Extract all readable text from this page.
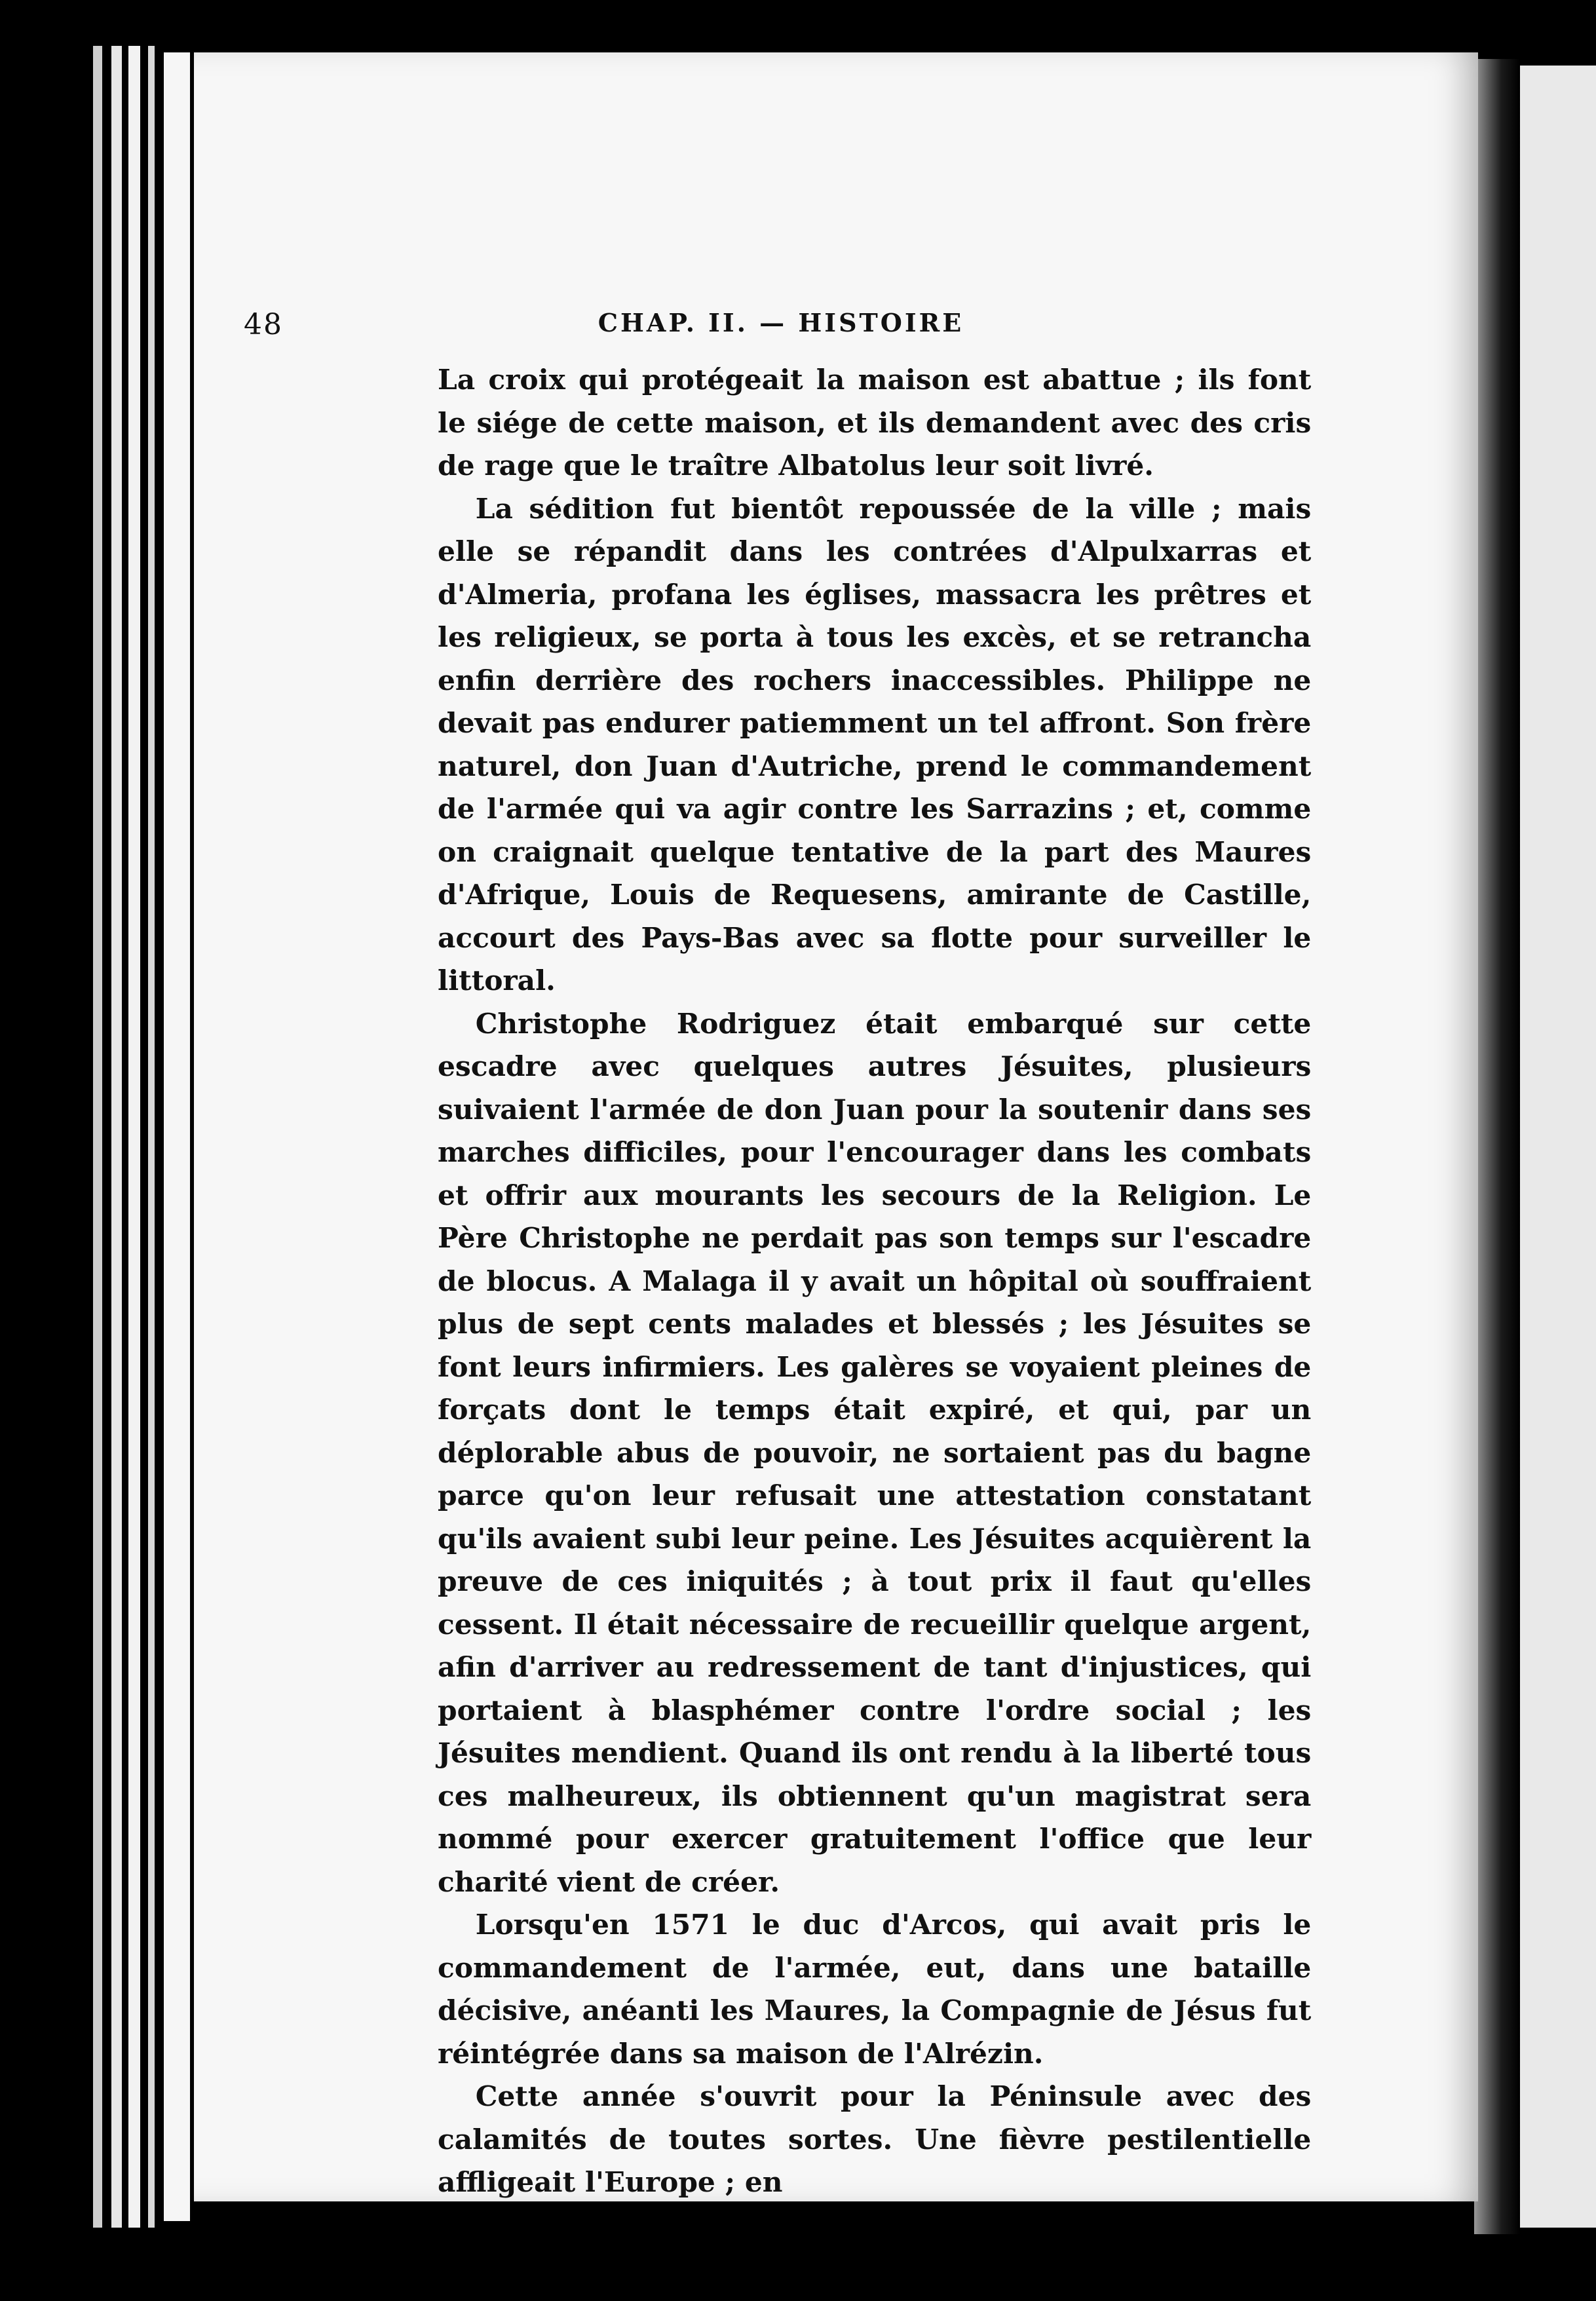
48	CHAP. II. — HISTOIRE

La croix qui protégeait la maison est abattue ; ils font le siége de cette maison, et ils demandent avec des cris de rage que le traître Albatolus leur soit livré.

La sédition fut bientôt repoussée de la ville ; mais elle se répandit dans les contrées d'Alpulxarras et d'Almeria, profana les églises, massacra les prêtres et les religieux, se porta à tous les excès, et se retrancha enfin derrière des rochers inaccessibles. Philippe ne devait pas endurer patiemment un tel affront. Son frère naturel, don Juan d'Autriche, prend le commandement de l'armée qui va agir contre les Sarrazins ; et, comme on craignait quelque tentative de la part des Maures d'Afrique, Louis de Requesens, amirante de Castille, accourt des Pays-Bas avec sa flotte pour surveiller le littoral.

Christophe Rodriguez était embarqué sur cette escadre avec quelques autres Jésuites, plusieurs suivaient l'armée de don Juan pour la soutenir dans ses marches difficiles, pour l'encourager dans les combats et offrir aux mourants les secours de la Religion. Le Père Christophe ne perdait pas son temps sur l'escadre de blocus. A Malaga il y avait un hôpital où souffraient plus de sept cents malades et blessés ; les Jésuites se font leurs infirmiers. Les galères se voyaient pleines de forçats dont le temps était expiré, et qui, par un déplorable abus de pouvoir, ne sortaient pas du bagne parce qu'on leur refusait une attestation constatant qu'ils avaient subi leur peine. Les Jésuites acquièrent la preuve de ces iniquités ; à tout prix il faut qu'elles cessent. Il était nécessaire de recueillir quelque argent, afin d'arriver au redressement de tant d'injustices, qui portaient à blasphémer contre l'ordre social ; les Jésuites mendient. Quand ils ont rendu à la liberté tous ces malheureux, ils obtiennent qu'un magistrat sera nommé pour exercer gratuitement l'office que leur charité vient de créer.

Lorsqu'en 1571 le duc d'Arcos, qui avait pris le commandement de l'armée, eut, dans une bataille décisive, anéanti les Maures, la Compagnie de Jésus fut réintégrée dans sa maison de l'Alrézin.

Cette année s'ouvrit pour la Péninsule avec des calamités de toutes sortes. Une fièvre pestilentielle affligeait l'Europe ; en
